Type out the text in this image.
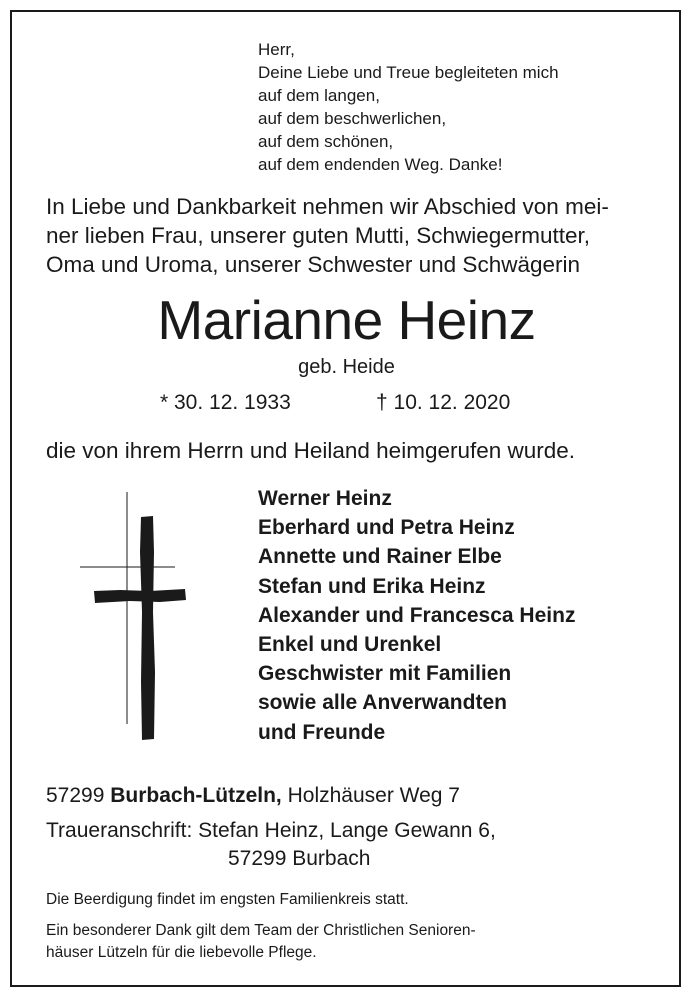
Herr,
Deine Liebe und Treue begleiteten mich
auf dem langen,
auf dem beschwerlichen,
auf dem schönen,
auf dem endenden Weg. Danke!
In Liebe und Dankbarkeit nehmen wir Abschied von mei-
ner lieben Frau, unserer guten Mutti, Schwiegermutter,
Oma und Uroma, unserer Schwester und Schwägerin
Marianne Heinz
geb. Heide
* 30. 12. 1933	† 10. 12. 2020
die von ihrem Herrn und Heiland heimgerufen wurde.
Werner Heinz
Eberhard und Petra Heinz
Annette und Rainer Elbe
Stefan und Erika Heinz
Alexander und Francesca Heinz
Enkel und Urenkel
Geschwister mit Familien
sowie alle Anverwandten
und Freunde
57299 Burbach-Lützeln, Holzhäuser Weg 7
Traueranschrift: Stefan Heinz, Lange Gewann 6,
57299 Burbach
Die Beerdigung findet im engsten Familienkreis statt.
Ein besonderer Dank gilt dem Team der Christlichen Senioren-
häuser Lützeln für die liebevolle Pflege.
